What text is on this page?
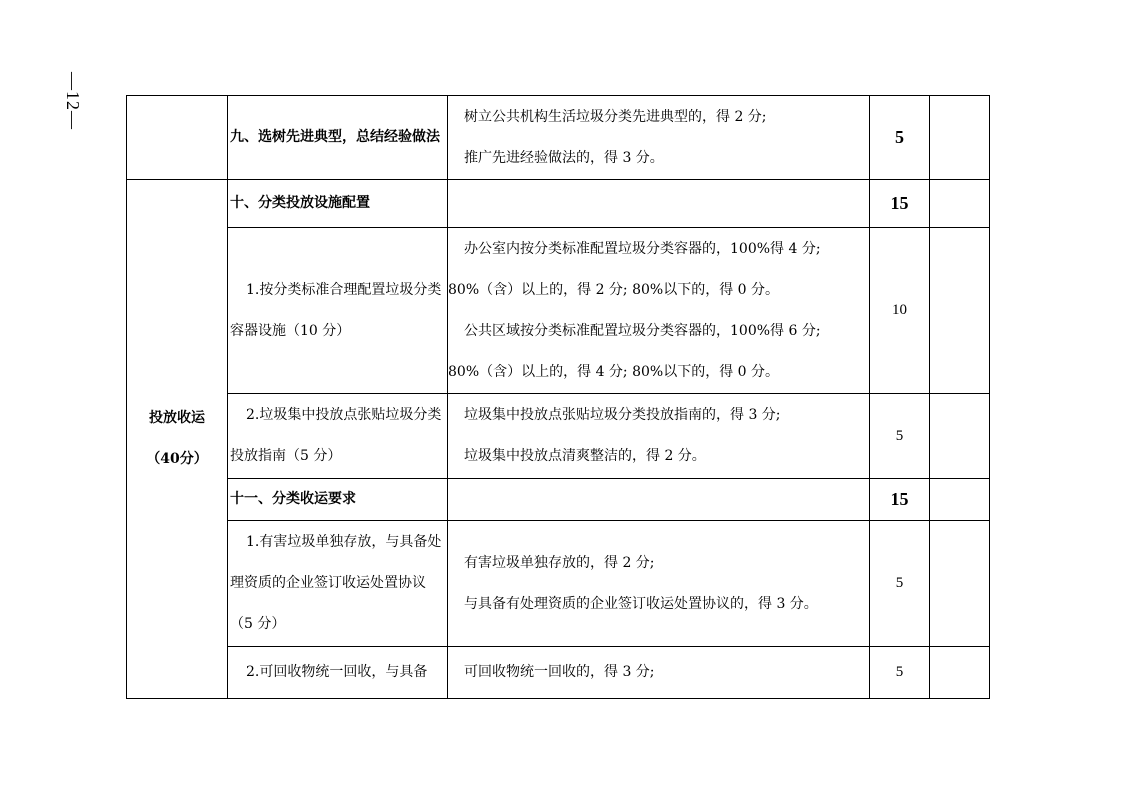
—12—

	九、选树先进典型，总结经验做法	树立公共机构生活垃圾分类先进典型的，得 2 分;

推广先进经验做法的，得 3 分。	5	

投放收运
（40分）	十、分类投放设施配置		15	

	1.按分类标准合理配置垃圾分类容器设施（10 分）	办公室内按分类标准配置垃圾分类容器的，100%得 4 分;

80%（含）以上的，得 2 分; 80%以下的，得 0 分。

公共区域按分类标准配置垃圾分类容器的，100%得 6 分;

80%（含）以上的，得 4 分; 80%以下的，得 0 分。	10	

	2.垃圾集中投放点张贴垃圾分类投放指南（5 分）	垃圾集中投放点张贴垃圾分类投放指南的，得 3 分;

垃圾集中投放点清爽整洁的，得 2 分。	5	

	十一、分类收运要求		15	

	1.有害垃圾单独存放，与具备处理资质的企业签订收运处置协议（5 分）	有害垃圾单独存放的，得 2 分;

与具备有处理资质的企业签订收运处置协议的，得 3 分。	5	

	2.可回收物统一回收，与具备	可回收物统一回收的，得 3 分;	5	
